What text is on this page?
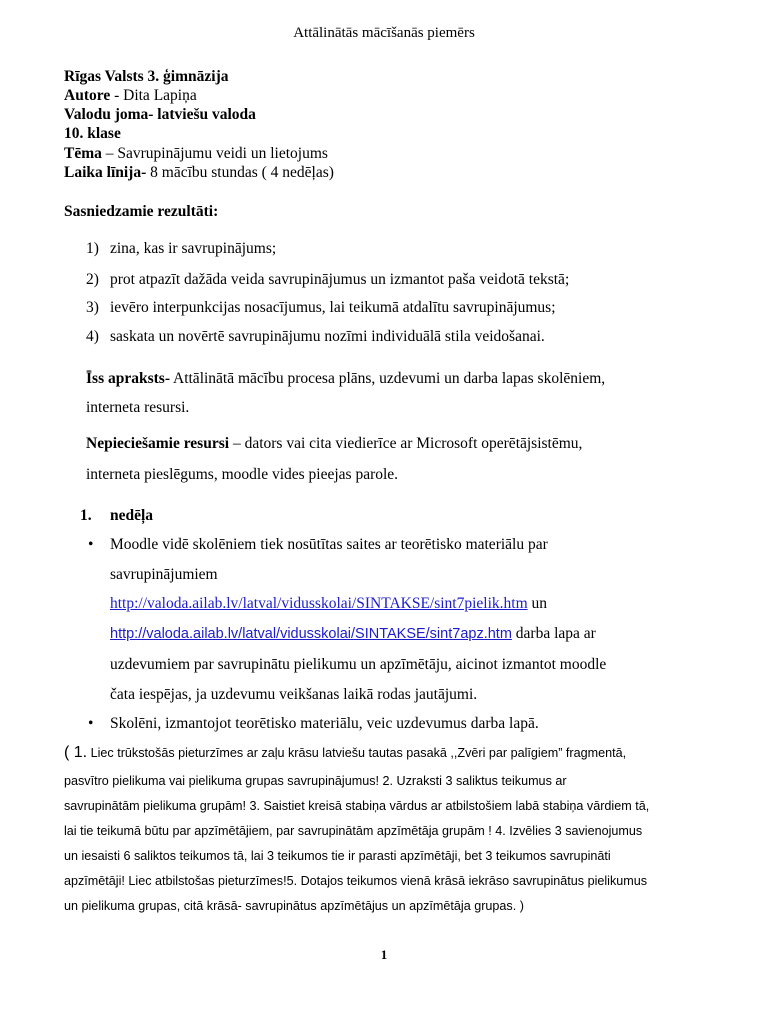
Attālinātās mācīšanās piemērs
Rīgas Valsts 3. ģimnāzija
Autore - Dita Lapiņa
Valodu joma- latviešu valoda
10. klase
Tēma – Savrupinājumu veidi un lietojums
Laika līnija- 8 mācību stundas ( 4 nedēļas)
Sasniedzamie rezultāti:
1) zina, kas ir savrupinājums;
2) prot atpazīt dažāda veida savrupinājumus un izmantot paša veidotā tekstā;
3) ievēro interpunkcijas nosacījumus, lai teikumā atdalītu savrupinājumus;
4) saskata un novērtē savrupinājumu nozīmi individuālā stila veidošanai.
Īss apraksts- Attālinātā mācību procesa plāns, uzdevumi un darba lapas skolēniem,
interneta resursi.
Nepieciešamie resursi – dators vai cita viedierīce ar Microsoft operētājsistēmu,
interneta pieslēgums, moodle vides pieejas parole.
1. nedēļa
• Moodle vidē skolēniem tiek nosūtītas saites ar teorētisko materiālu par
savrupinājumiem
http://valoda.ailab.lv/latval/vidusskolai/SINTAKSE/sint7pielik.htm un
http://valoda.ailab.lv/latval/vidusskolai/SINTAKSE/sint7apz.htm darba lapa ar
uzdevumiem par savrupinātu pielikumu un apzīmētāju, aicinot izmantot moodle
čata iespējas, ja uzdevumu veikšanas laikā rodas jautājumi.
• Skolēni, izmantojot teorētisko materiālu, veic uzdevumus darba lapā.
( 1. Liec trūkstošās pieturzīmes ar zaļu krāsu latviešu tautas pasakā ,,Zvēri par palīgiem” fragmentā,
pasvītro pielikuma vai pielikuma grupas savrupinājumus! 2. Uzraksti 3 saliktus teikumus ar
savrupinātām pielikuma grupām! 3. Saistiet kreisā stabiņa vārdus ar atbilstošiem labā stabiņa vārdiem tā,
lai tie teikumā būtu par apzīmētājiem, par savrupinātām apzīmētāja grupām ! 4. Izvēlies 3 savienojumus
un iesaisti 6 saliktos teikumos tā, lai 3 teikumos tie ir parasti apzīmētāji, bet 3 teikumos savrupināti
apzīmētāji! Liec atbilstošas pieturzīmes!5. Dotajos teikumos vienā krāsā iekrāso savrupinātus pielikumus
un pielikuma grupas, citā krāsā- savrupinātus apzīmētājus un apzīmētāja grupas. )
1
